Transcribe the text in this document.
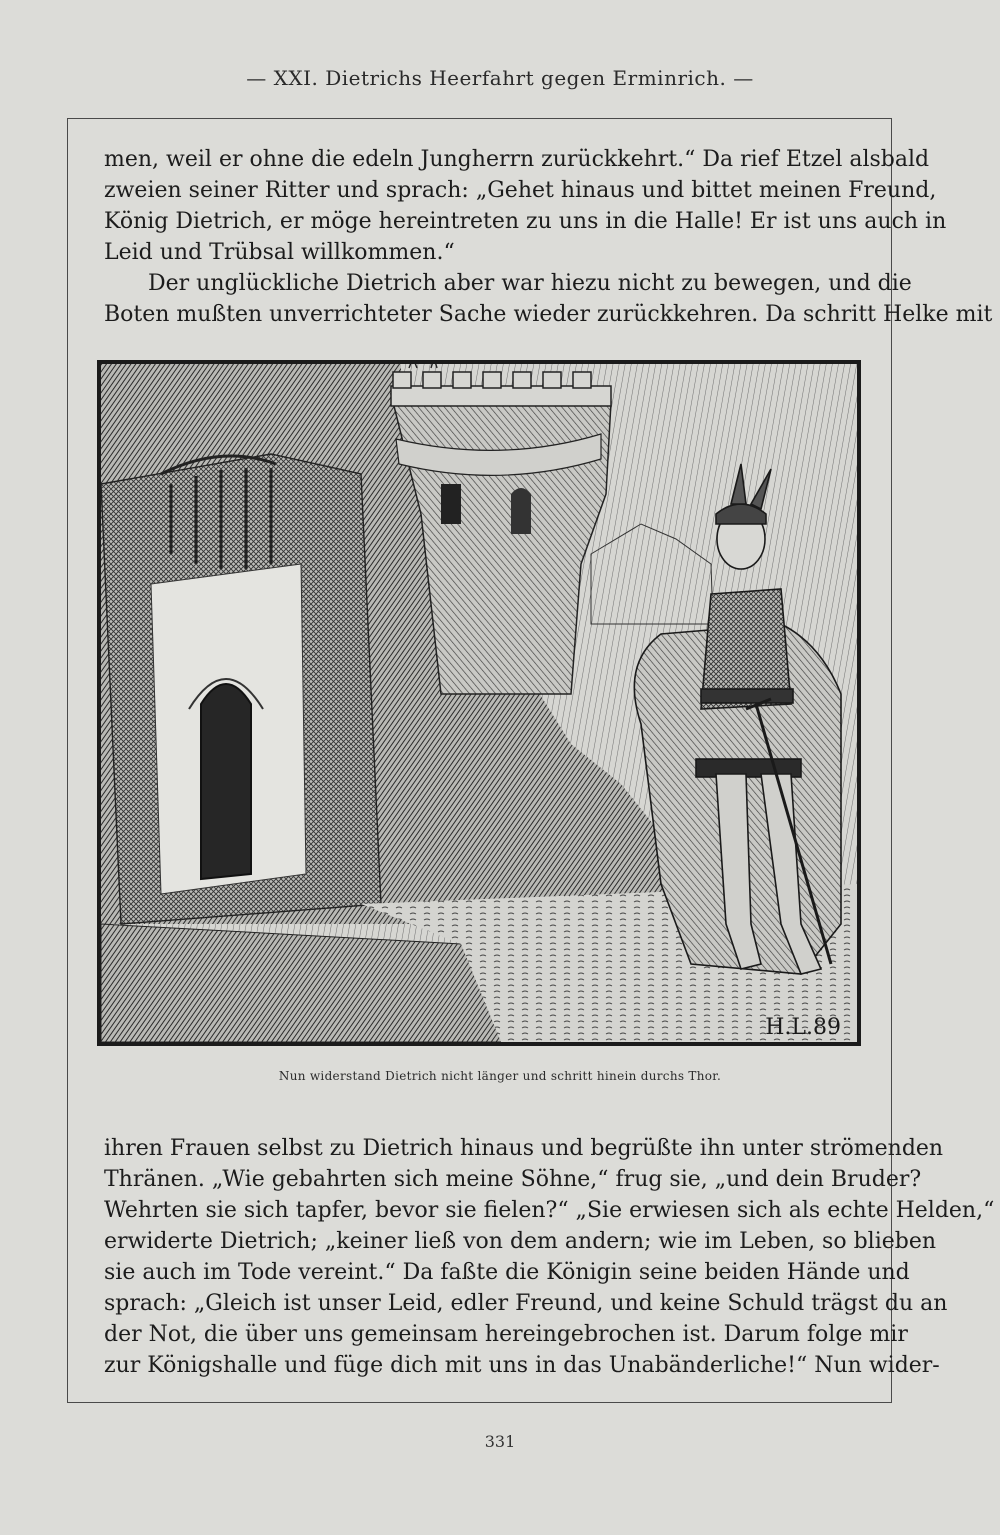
— XXI. Dietrichs Heerfahrt gegen Erminrich. —
men, weil er ohne die edeln Jungherrn zurückkehrt.“ Da rief Etzel alsbald
zweien seiner Ritter und sprach: „Gehet hinaus und bittet meinen Freund,
König Dietrich, er möge hereintreten zu uns in die Halle! Er ist uns auch in
Leid und Trübsal willkommen.“
Der unglückliche Dietrich aber war hiezu nicht zu bewegen, und die
Boten mußten unverrichteter Sache wieder zurückkehren. Da schritt Helke mit
H.L.89
Nun widerstand Dietrich nicht länger und schritt hinein durchs Thor.
ihren Frauen selbst zu Dietrich hinaus und begrüßte ihn unter strömenden
Thränen. „Wie gebahrten sich meine Söhne,“ frug sie, „und dein Bruder?
Wehrten sie sich tapfer, bevor sie fielen?“ „Sie erwiesen sich als echte Helden,“
erwiderte Dietrich; „keiner ließ von dem andern; wie im Leben, so blieben
sie auch im Tode vereint.“ Da faßte die Königin seine beiden Hände und
sprach: „Gleich ist unser Leid, edler Freund, und keine Schuld trägst du an
der Not, die über uns gemeinsam hereingebrochen ist. Darum folge mir
zur Königshalle und füge dich mit uns in das Unabänderliche!“ Nun wider-
331
